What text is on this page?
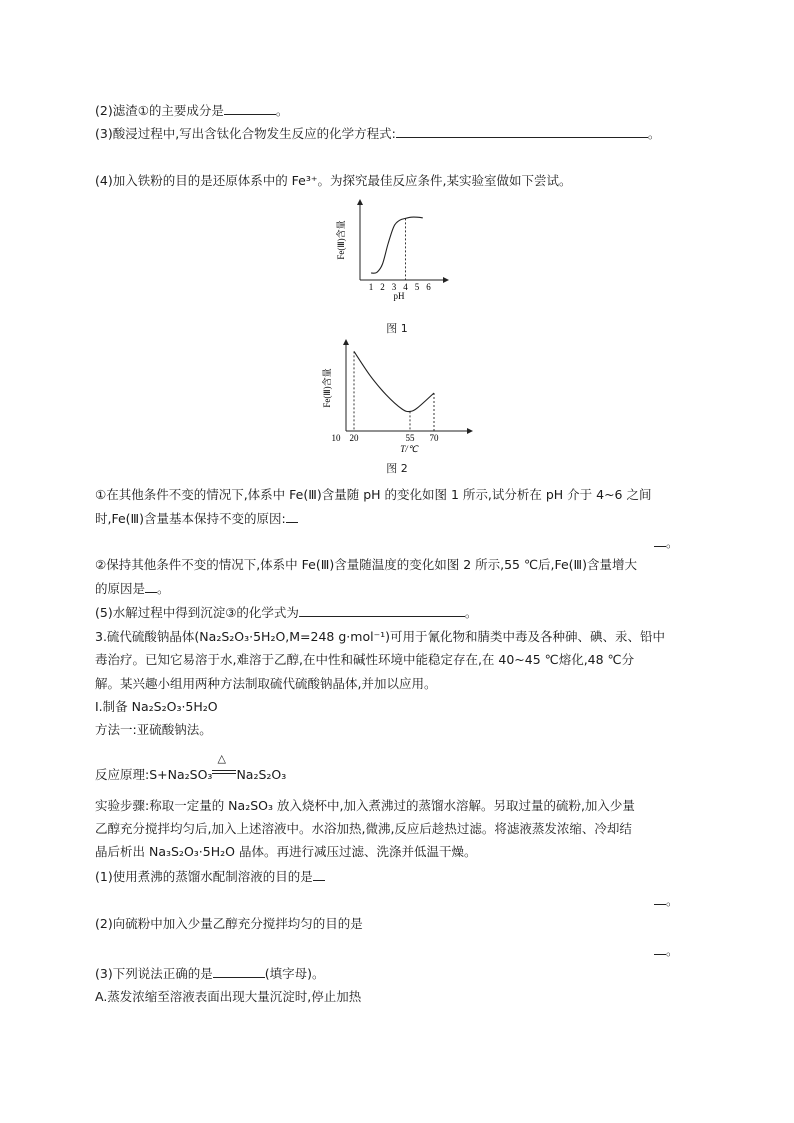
(2)滤渣①的主要成分是	。
(3)酸浸过程中,写出含钛化合物发生反应的化学方程式:	。
(4)加入铁粉的目的是还原体系中的 Fe³⁺。为探究最佳反应条件,某实验室做如下尝试。
Fe(Ⅲ)含量
1 2 3 4 5 6
pH
图 1
Fe(Ⅲ)含量
10 20	55 70
T/℃
图 2
①在其他条件不变的情况下,体系中 Fe(Ⅲ)含量随 pH 的变化如图 1 所示,试分析在 pH 介于 4~6 之间
时,Fe(Ⅲ)含量基本保持不变的原因:
。
②保持其他条件不变的情况下,体系中 Fe(Ⅲ)含量随温度的变化如图 2 所示,55 ℃后,Fe(Ⅲ)含量增大
的原因是 。
(5)水解过程中得到沉淀③的化学式为	。
3.硫代硫酸钠晶体(Na₂S₂O₃·5H₂O,M=248 g·mol⁻¹)可用于氰化物和腈类中毒及各种砷、碘、汞、铅中
毒治疗。已知它易溶于水,难溶于乙醇,在中性和碱性环境中能稳定存在,在 40~45 ℃熔化,48 ℃分
解。某兴趣小组用两种方法制取硫代硫酸钠晶体,并加以应用。
Ⅰ.制备 Na₂S₂O₃·5H₂O
方法一:亚硫酸钠法。
反应原理:S+Na₂SO₃
△
Na₂S₂O₃
实验步骤:称取一定量的 Na₂SO₃ 放入烧杯中,加入煮沸过的蒸馏水溶解。另取过量的硫粉,加入少量
乙醇充分搅拌均匀后,加入上述溶液中。水浴加热,微沸,反应后趁热过滤。将滤液蒸发浓缩、冷却结
晶后析出 Na₃S₂O₃·5H₂O 晶体。再进行减压过滤、洗涤并低温干燥。
(1)使用煮沸的蒸馏水配制溶液的目的是
。
(2)向硫粉中加入少量乙醇充分搅拌均匀的目的是
。
(3)下列说法正确的是	(填字母)。
A.蒸发浓缩至溶液表面出现大量沉淀时,停止加热
